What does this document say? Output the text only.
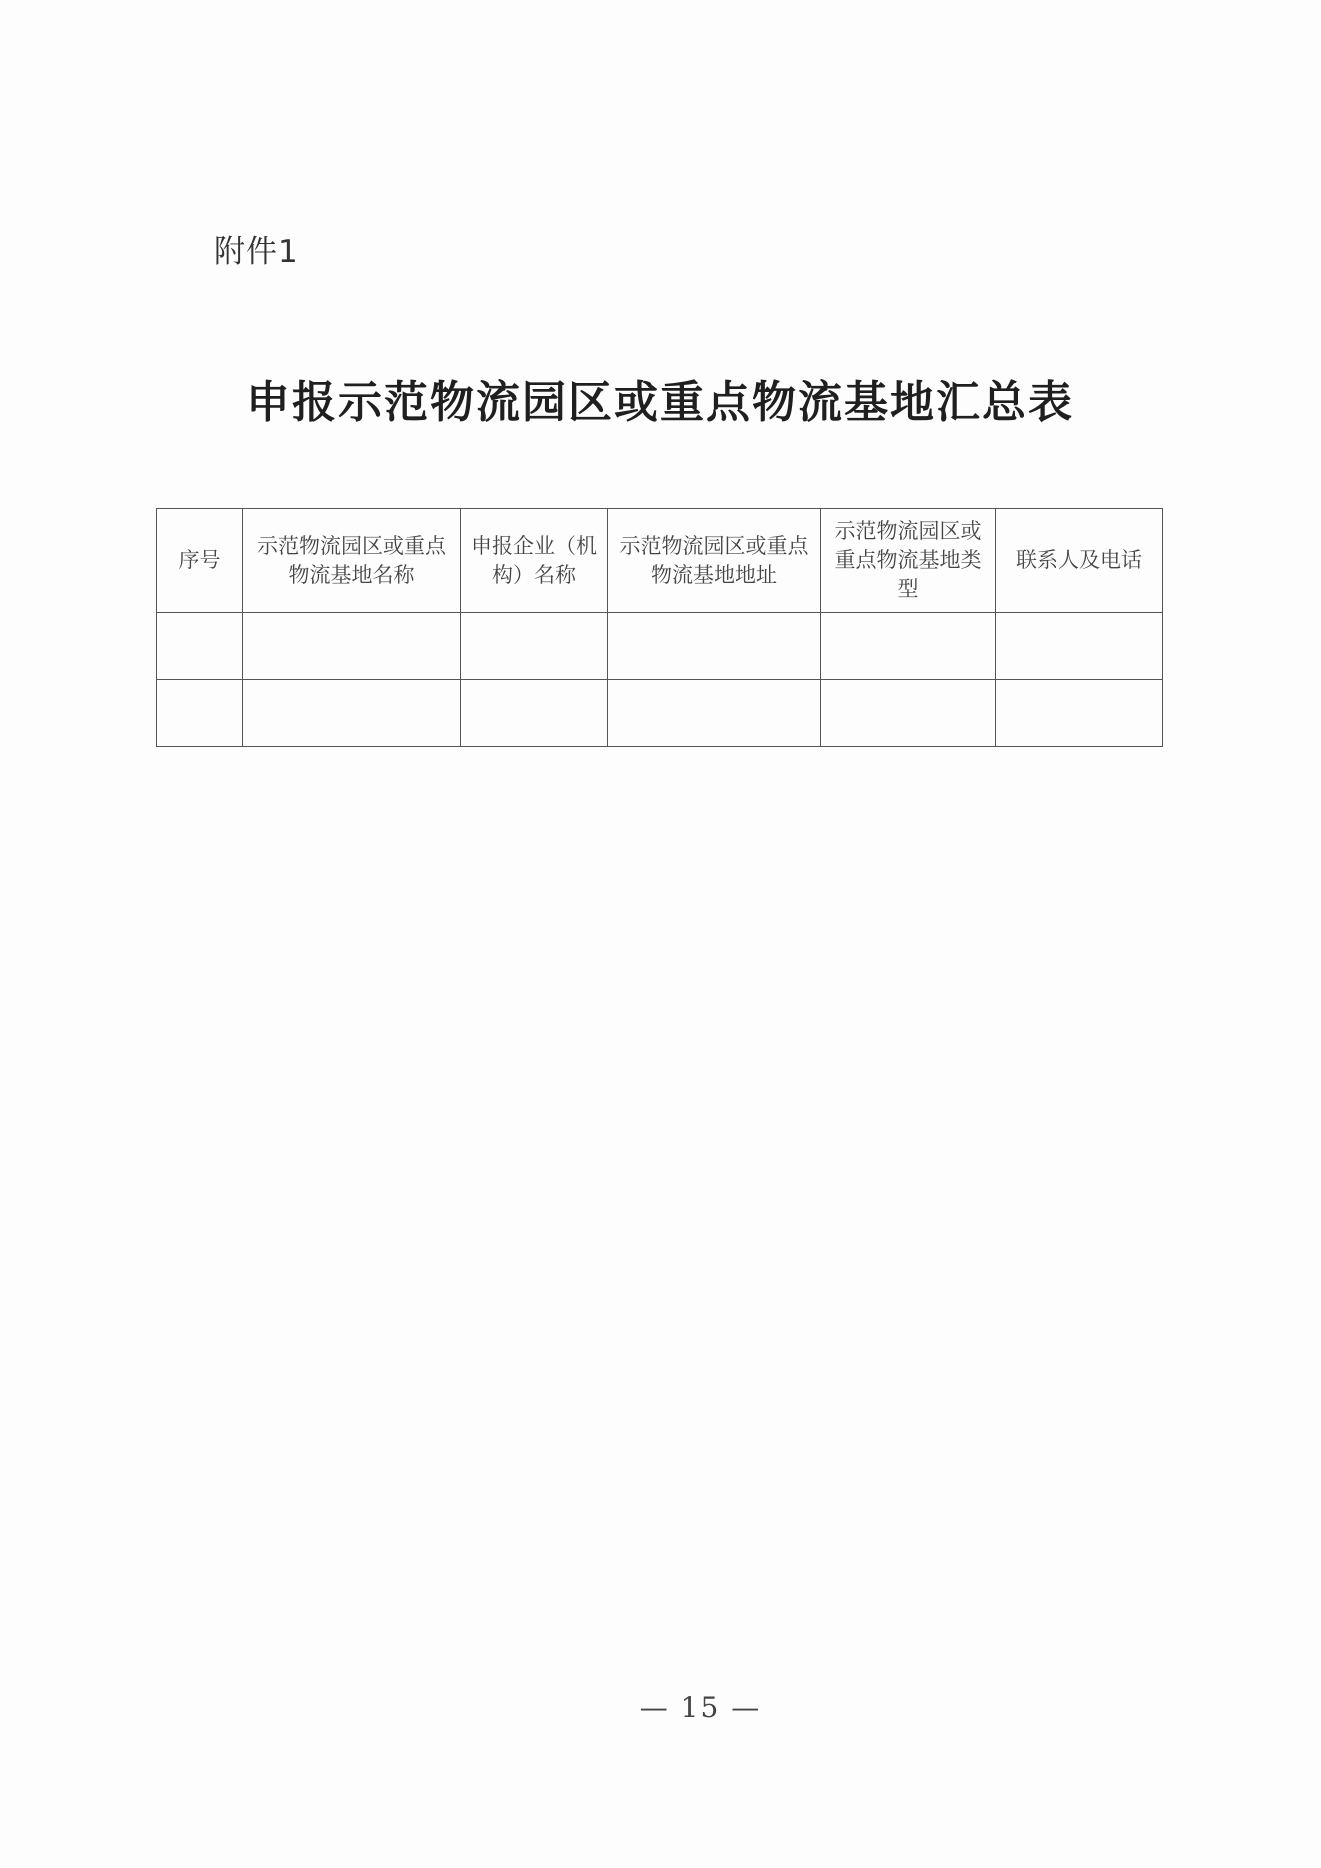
附件1
申报示范物流园区或重点物流基地汇总表
序号	示范物流园区或重点物流基地名称	申报企业（机构）名称	示范物流园区或重点物流基地地址	示范物流园区或重点物流基地类型	联系人及电话

— 15 —
